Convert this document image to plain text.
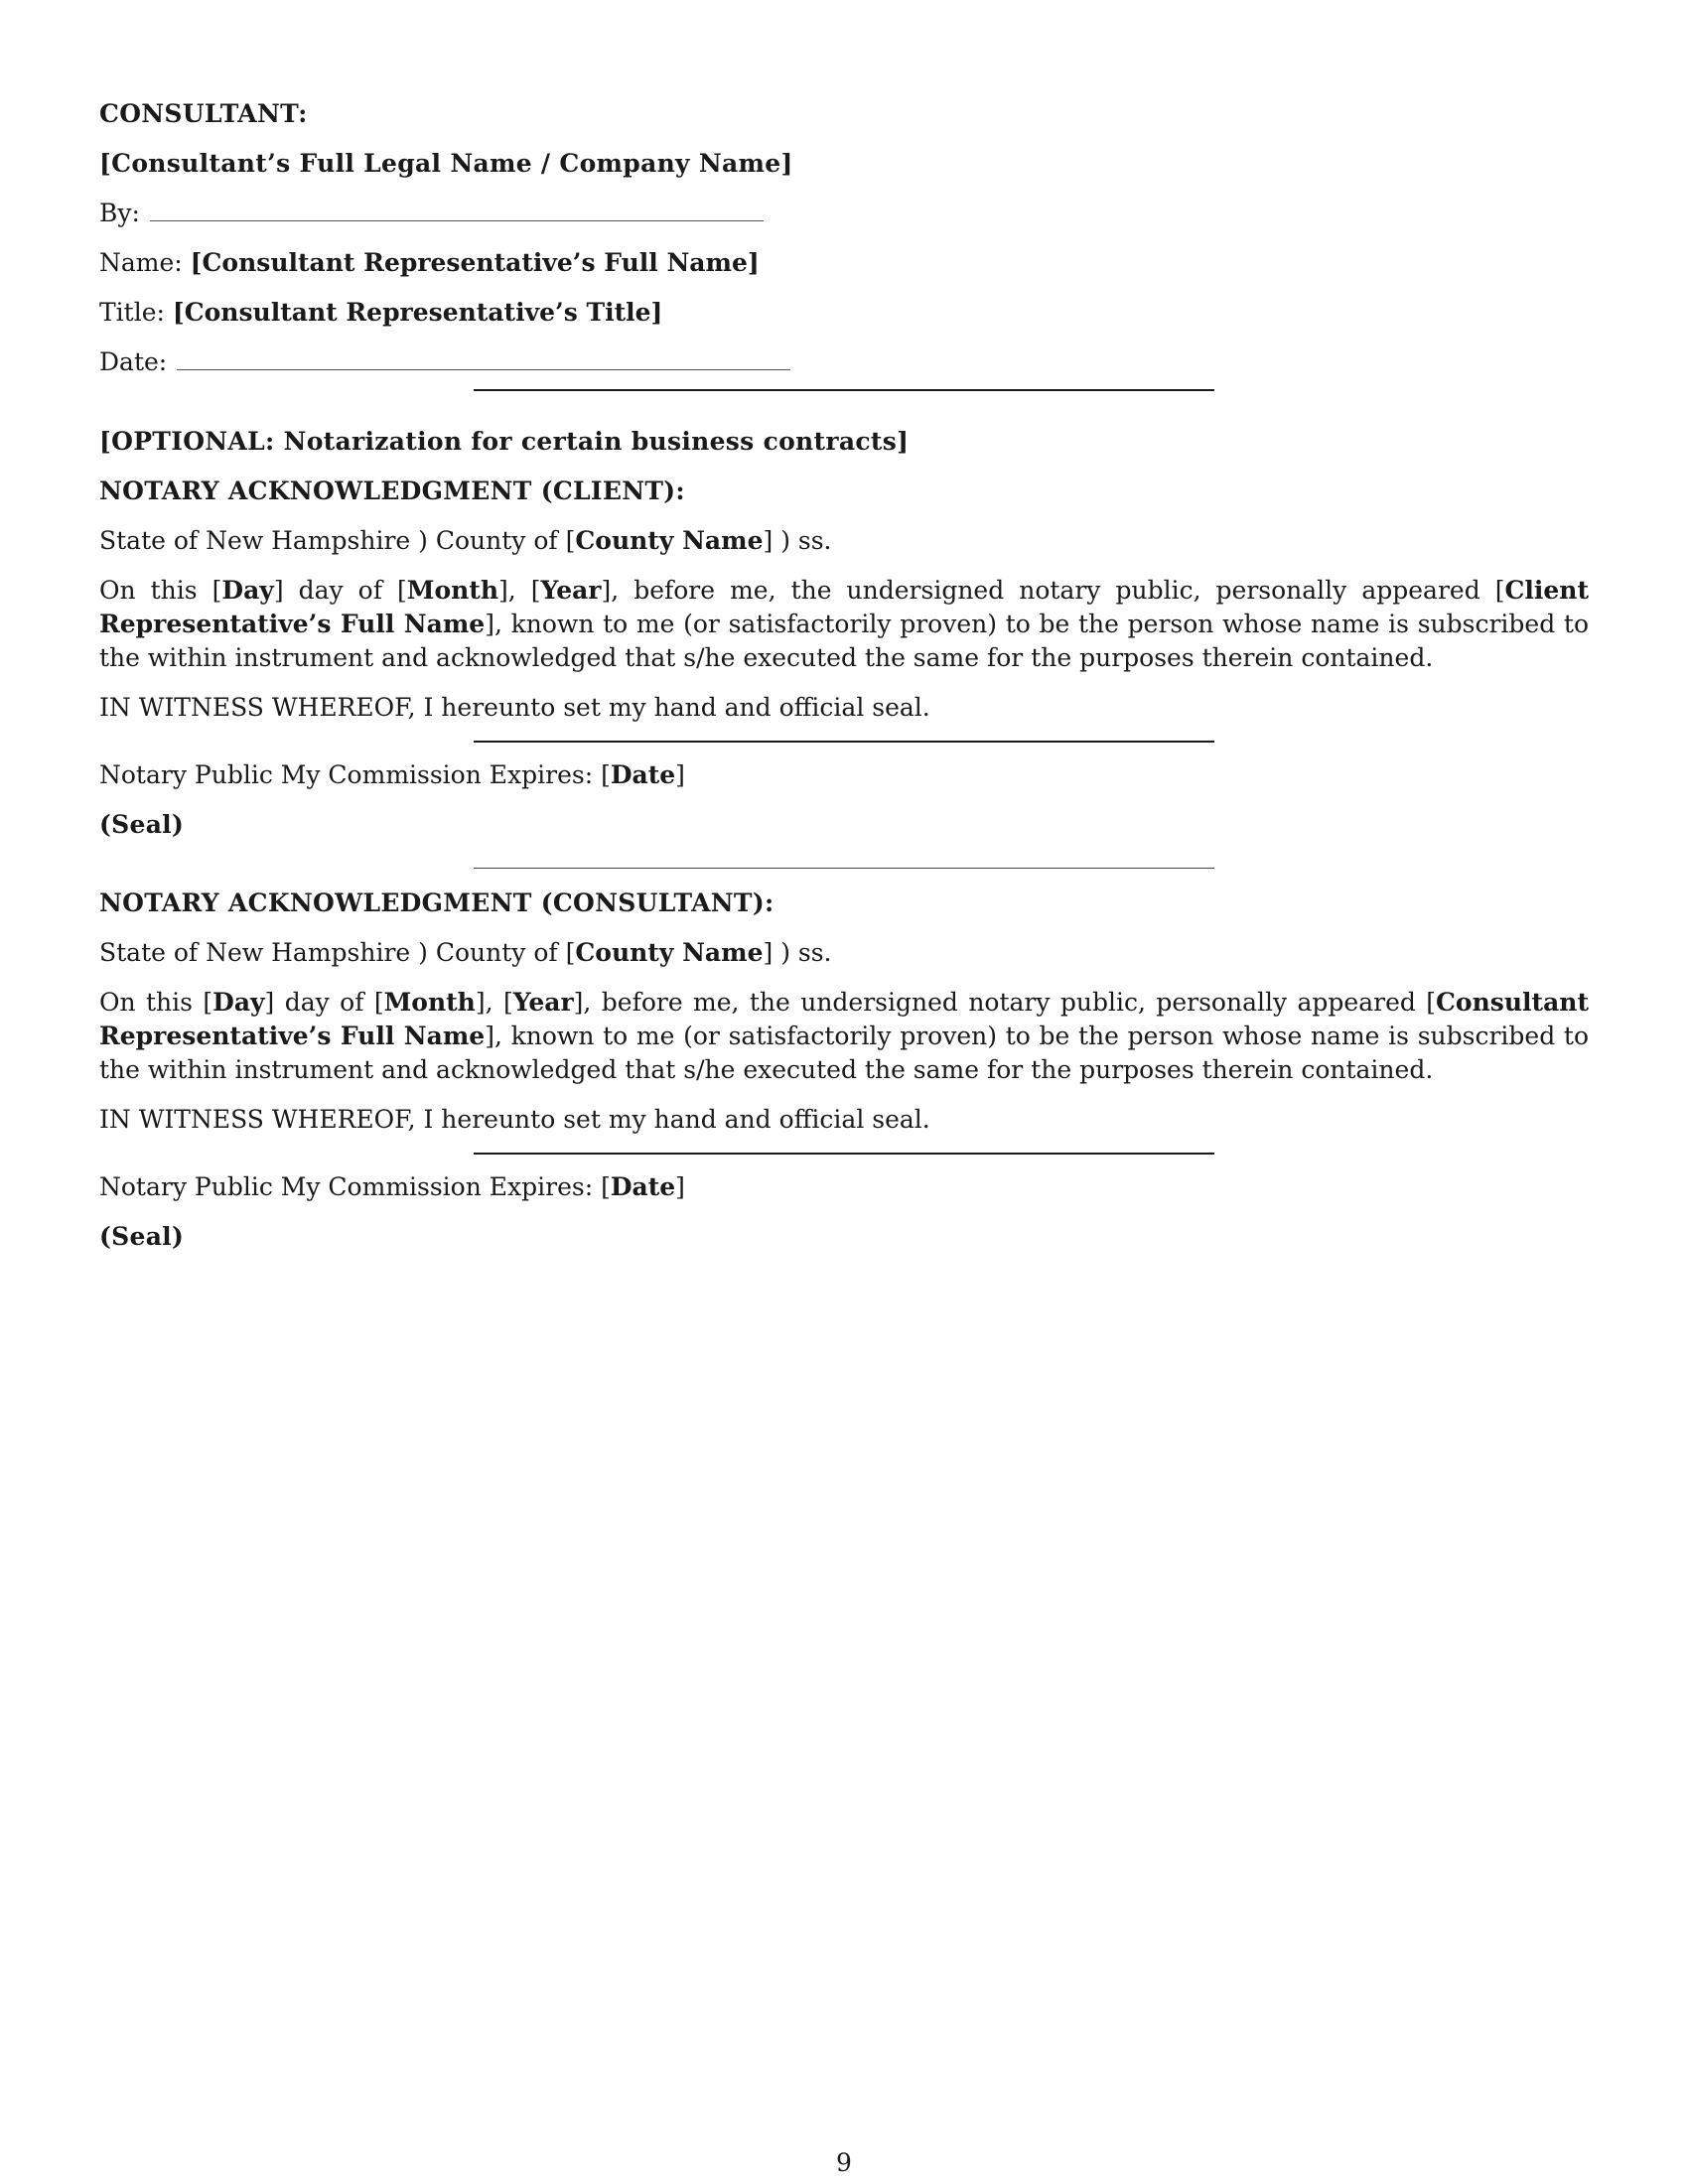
CONSULTANT:
[Consultant’s Full Legal Name / Company Name]
By:
Name: [Consultant Representative’s Full Name]
Title: [Consultant Representative’s Title]
Date:
[OPTIONAL: Notarization for certain business contracts]
NOTARY ACKNOWLEDGMENT (CLIENT):
State of New Hampshire ) County of [County Name] ) ss.
On this [Day] day of [Month], [Year], before me, the undersigned notary public, personally appeared [Client Representative’s Full Name], known to me (or satisfactorily proven) to be the person whose name is subscribed to the within instrument and acknowledged that s/he executed the same for the purposes therein contained.
IN WITNESS WHEREOF, I hereunto set my hand and official seal.
Notary Public My Commission Expires: [Date]
(Seal)
NOTARY ACKNOWLEDGMENT (CONSULTANT):
State of New Hampshire ) County of [County Name] ) ss.
On this [Day] day of [Month], [Year], before me, the undersigned notary public, personally appeared [Consultant Representative’s Full Name], known to me (or satisfactorily proven) to be the person whose name is subscribed to the within instrument and acknowledged that s/he executed the same for the purposes therein contained.
IN WITNESS WHEREOF, I hereunto set my hand and official seal.
Notary Public My Commission Expires: [Date]
(Seal)
9
